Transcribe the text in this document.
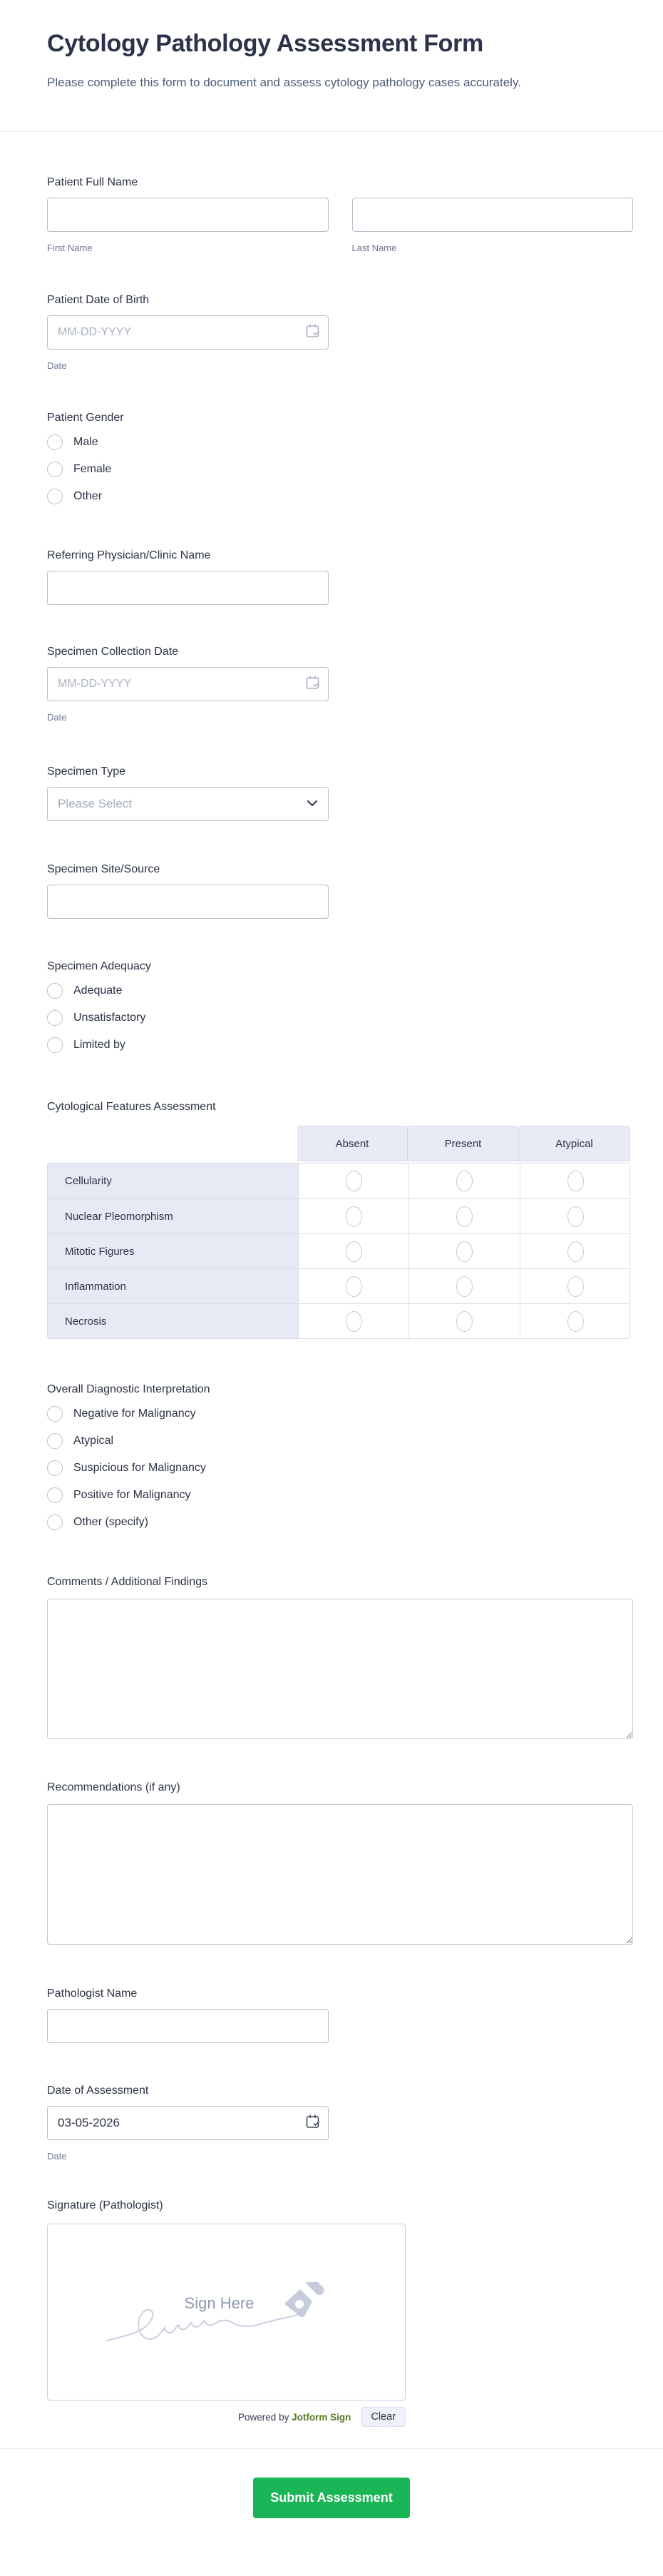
Cytology Pathology Assessment Form
Please complete this form to document and assess cytology pathology cases accurately.
Patient Full Name
First Name	Last Name
Patient Date of Birth
MM-DD-YYYY
Date
Patient Gender
Male
Female
Other
Referring Physician/Clinic Name
Specimen Collection Date
MM-DD-YYYY
Date
Specimen Type
Please Select
Specimen Site/Source
Specimen Adequacy
Adequate
Unsatisfactory
Limited by
Cytological Features Assessment
Absent	Present	Atypical
Cellularity
Nuclear Pleomorphism
Mitotic Figures
Inflammation
Necrosis
Overall Diagnostic Interpretation
Negative for Malignancy
Atypical
Suspicious for Malignancy
Positive for Malignancy
Other (specify)
Comments / Additional Findings
Recommendations (if any)
Pathologist Name
Date of Assessment
03-05-2026
Date
Signature (Pathologist)
Sign Here
Powered by Jotform Sign	Clear
Submit Assessment
